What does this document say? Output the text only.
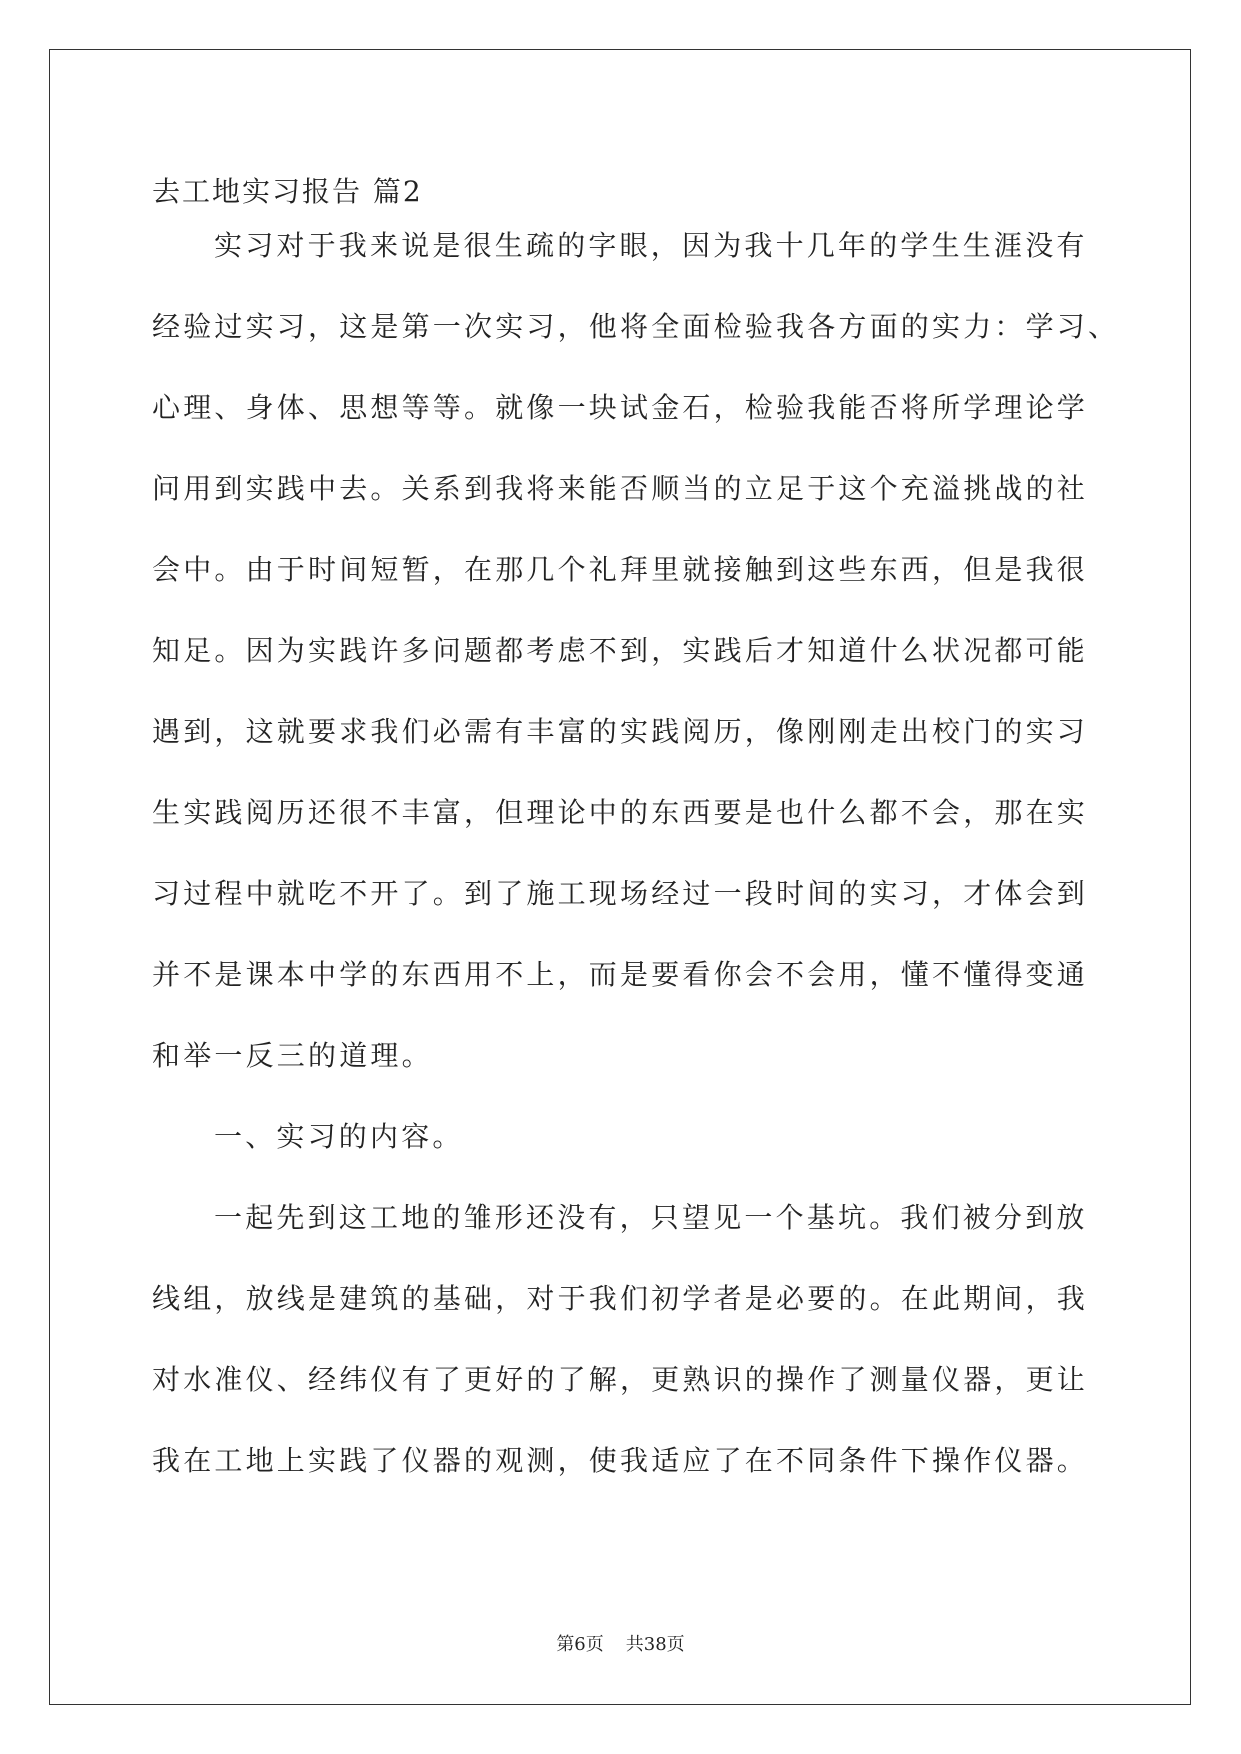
去工地实习报告 篇2
实习对于我来说是很生疏的字眼，因为我十几年的学生生涯没有
经验过实习，这是第一次实习，他将全面检验我各方面的实力：学习、
心理、身体、思想等等。就像一块试金石，检验我能否将所学理论学
问用到实践中去。关系到我将来能否顺当的立足于这个充溢挑战的社
会中。由于时间短暂，在那几个礼拜里就接触到这些东西，但是我很
知足。因为实践许多问题都考虑不到，实践后才知道什么状况都可能
遇到，这就要求我们必需有丰富的实践阅历，像刚刚走出校门的实习
生实践阅历还很不丰富，但理论中的东西要是也什么都不会，那在实
习过程中就吃不开了。到了施工现场经过一段时间的实习，才体会到
并不是课本中学的东西用不上，而是要看你会不会用，懂不懂得变通
和举一反三的道理。
一、实习的内容。
一起先到这工地的雏形还没有，只望见一个基坑。我们被分到放
线组，放线是建筑的基础，对于我们初学者是必要的。在此期间，我
对水准仪、经纬仪有了更好的了解，更熟识的操作了测量仪器，更让
我在工地上实践了仪器的观测，使我适应了在不同条件下操作仪器。
第6页 共38页
